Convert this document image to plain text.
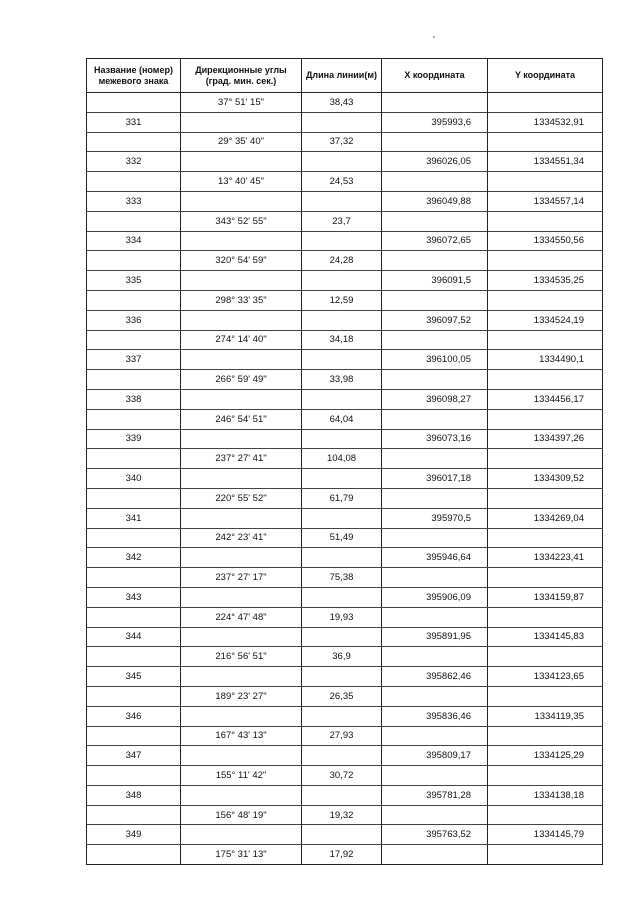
Название (номер) межевого знака	Дирекционные углы (град. мин. сек.)	Длина линии(м)	X координата	Y координата
	37° 51' 15"	38,43		
331			395993,6	1334532,91
	29° 35' 40"	37,32		
332			396026,05	1334551,34
	13° 40' 45"	24,53		
333			396049,88	1334557,14
	343° 52' 55"	23,7		
334			396072,65	1334550,56
	320° 54' 59"	24,28		
335			396091,5	1334535,25
	298° 33' 35"	12,59		
336			396097,52	1334524,19
	274° 14' 40"	34,18		
337			396100,05	1334490,1
	266° 59' 49"	33,98		
338			396098,27	1334456,17
	246° 54' 51"	64,04		
339			396073,16	1334397,26
	237° 27' 41"	104,08		
340			396017,18	1334309,52
	220° 55' 52"	61,79		
341			395970,5	1334269,04
	242° 23' 41"	51,49		
342			395946,64	1334223,41
	237° 27' 17"	75,38		
343			395906,09	1334159,87
	224° 47' 48"	19,93		
344			395891,95	1334145,83
	216° 56' 51"	36,9		
345			395862,46	1334123,65
	189° 23' 27"	26,35		
346			395836,46	1334119,35
	167° 43' 13"	27,93		
347			395809,17	1334125,29
	155° 11' 42"	30,72		
348			395781,28	1334138,18
	156° 48' 19"	19,32		
349			395763,52	1334145,79
	175° 31' 13"	17,92		
